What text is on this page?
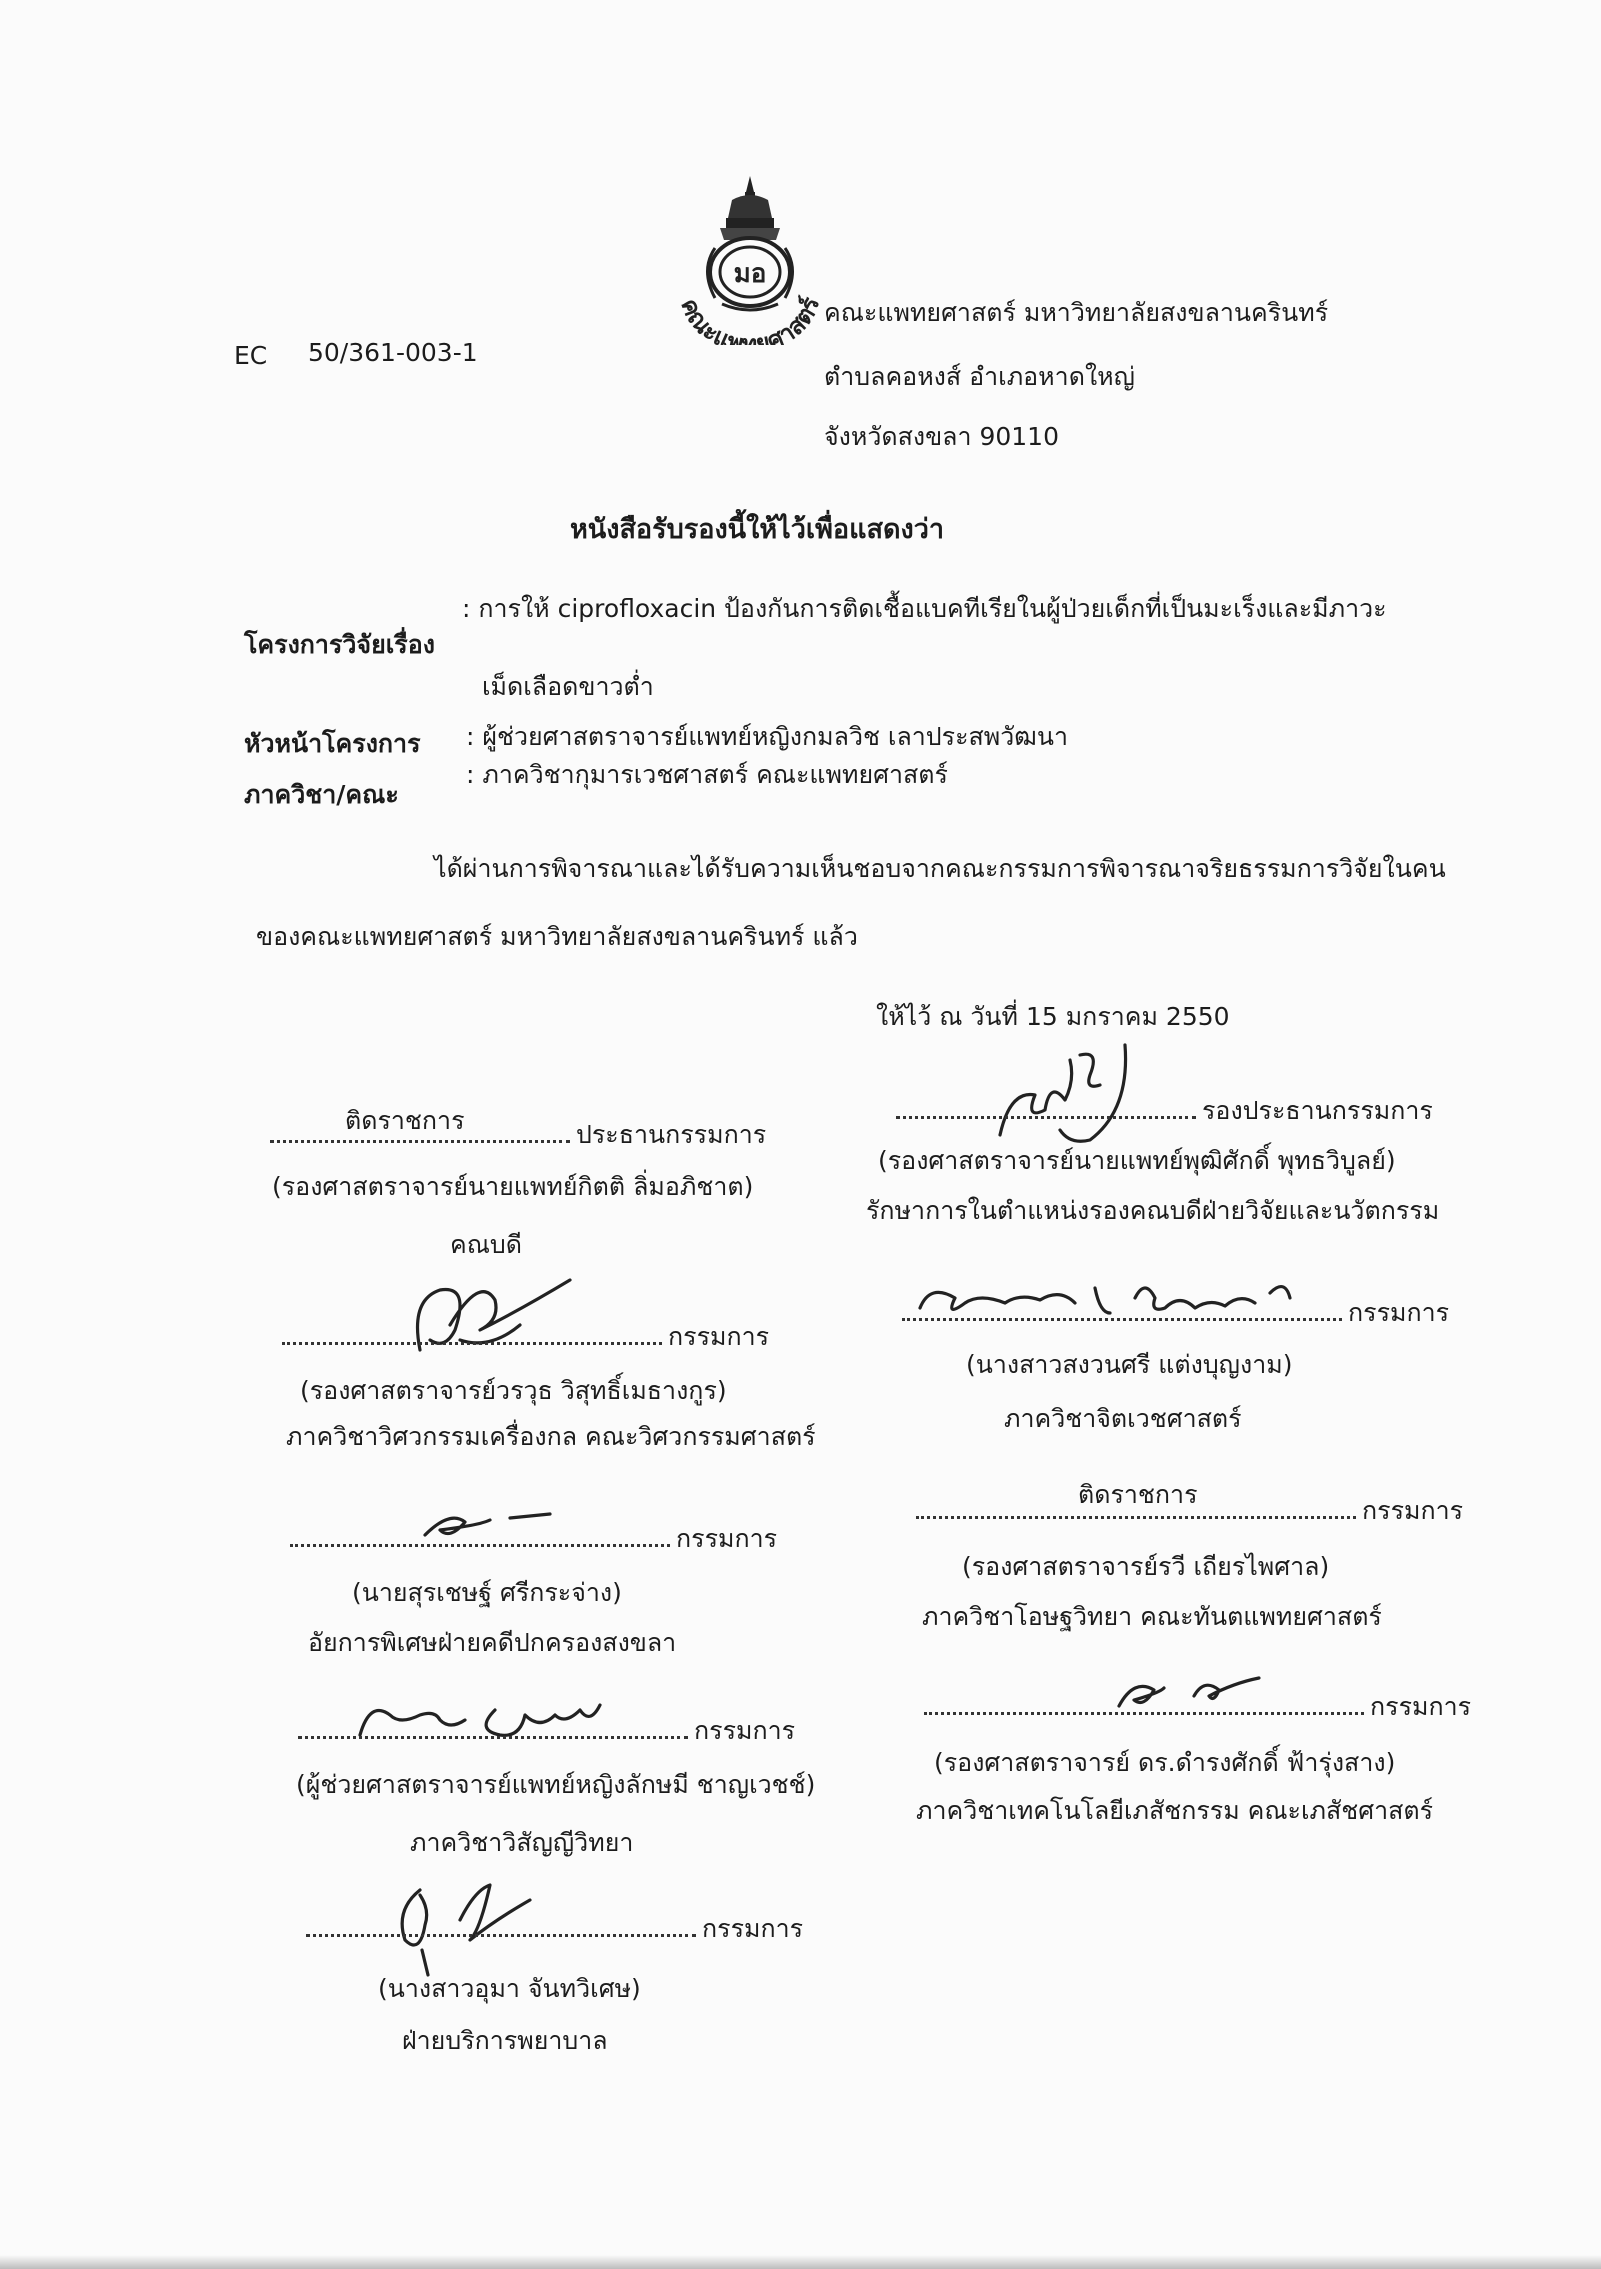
EC 50/361-003-1
มอ
คณะแพทยศาสตร์
คณะแพทยศาสตร์ มหาวิทยาลัยสงขลานครินทร์
ตำบลคอหงส์ อำเภอหาดใหญ่
จังหวัดสงขลา 90110
หนังสือรับรองนี้ให้ไว้เพื่อแสดงว่า
โครงการวิจัยเรื่อง
: การให้ ciprofloxacin ป้องกันการติดเชื้อแบคทีเรียในผู้ป่วยเด็กที่เป็นมะเร็งและมีภาวะ
เม็ดเลือดขาวต่ำ
หัวหน้าโครงการ : ผู้ช่วยศาสตราจารย์แพทย์หญิงกมลวิช เลาประสพวัฒนา
ภาควิชา/คณะ
: ภาควิชากุมารเวชศาสตร์ คณะแพทยศาสตร์
ได้ผ่านการพิจารณาและได้รับความเห็นชอบจากคณะกรรมการพิจารณาจริยธรรมการวิจัยในคน
ของคณะแพทยศาสตร์ มหาวิทยาลัยสงขลานครินทร์ แล้ว
ให้ไว้ ณ วันที่ 15 มกราคม 2550
ติดราชการ	ประธานกรรมการ
(รองศาสตราจารย์นายแพทย์กิตติ ลิ่มอภิชาต)
คณบดี
กรรมการ
(รองศาสตราจารย์วรวุธ วิสุทธิ์เมธางกูร)
ภาควิชาวิศวกรรมเครื่องกล คณะวิศวกรรมศาสตร์
กรรมการ
(นายสุรเชษฐ์ ศรีกระจ่าง)
อัยการพิเศษฝ่ายคดีปกครองสงขลา
กรรมการ
(ผู้ช่วยศาสตราจารย์แพทย์หญิงลักษมี ชาญเวชช์)
ภาควิชาวิสัญญีวิทยา
กรรมการ
(นางสาวอุมา จันทวิเศษ)
ฝ่ายบริการพยาบาล
รองประธานกรรมการ
(รองศาสตราจารย์นายแพทย์พุฒิศักดิ์ พุทธวิบูลย์)
รักษาการในตำแหน่งรองคณบดีฝ่ายวิจัยและนวัตกรรม
กรรมการ
(นางสาวสงวนศรี แต่งบุญงาม)
ภาควิชาจิตเวชศาสตร์
ติดราชการ
กรรมการ
(รองศาสตราจารย์รวี เถียรไพศาล)
ภาควิชาโอษฐวิทยา คณะทันตแพทยศาสตร์
กรรมการ
(รองศาสตราจารย์ ดร.ดำรงศักดิ์ ฟ้ารุ่งสาง)
ภาควิชาเทคโนโลยีเภสัชกรรม คณะเภสัชศาสตร์
